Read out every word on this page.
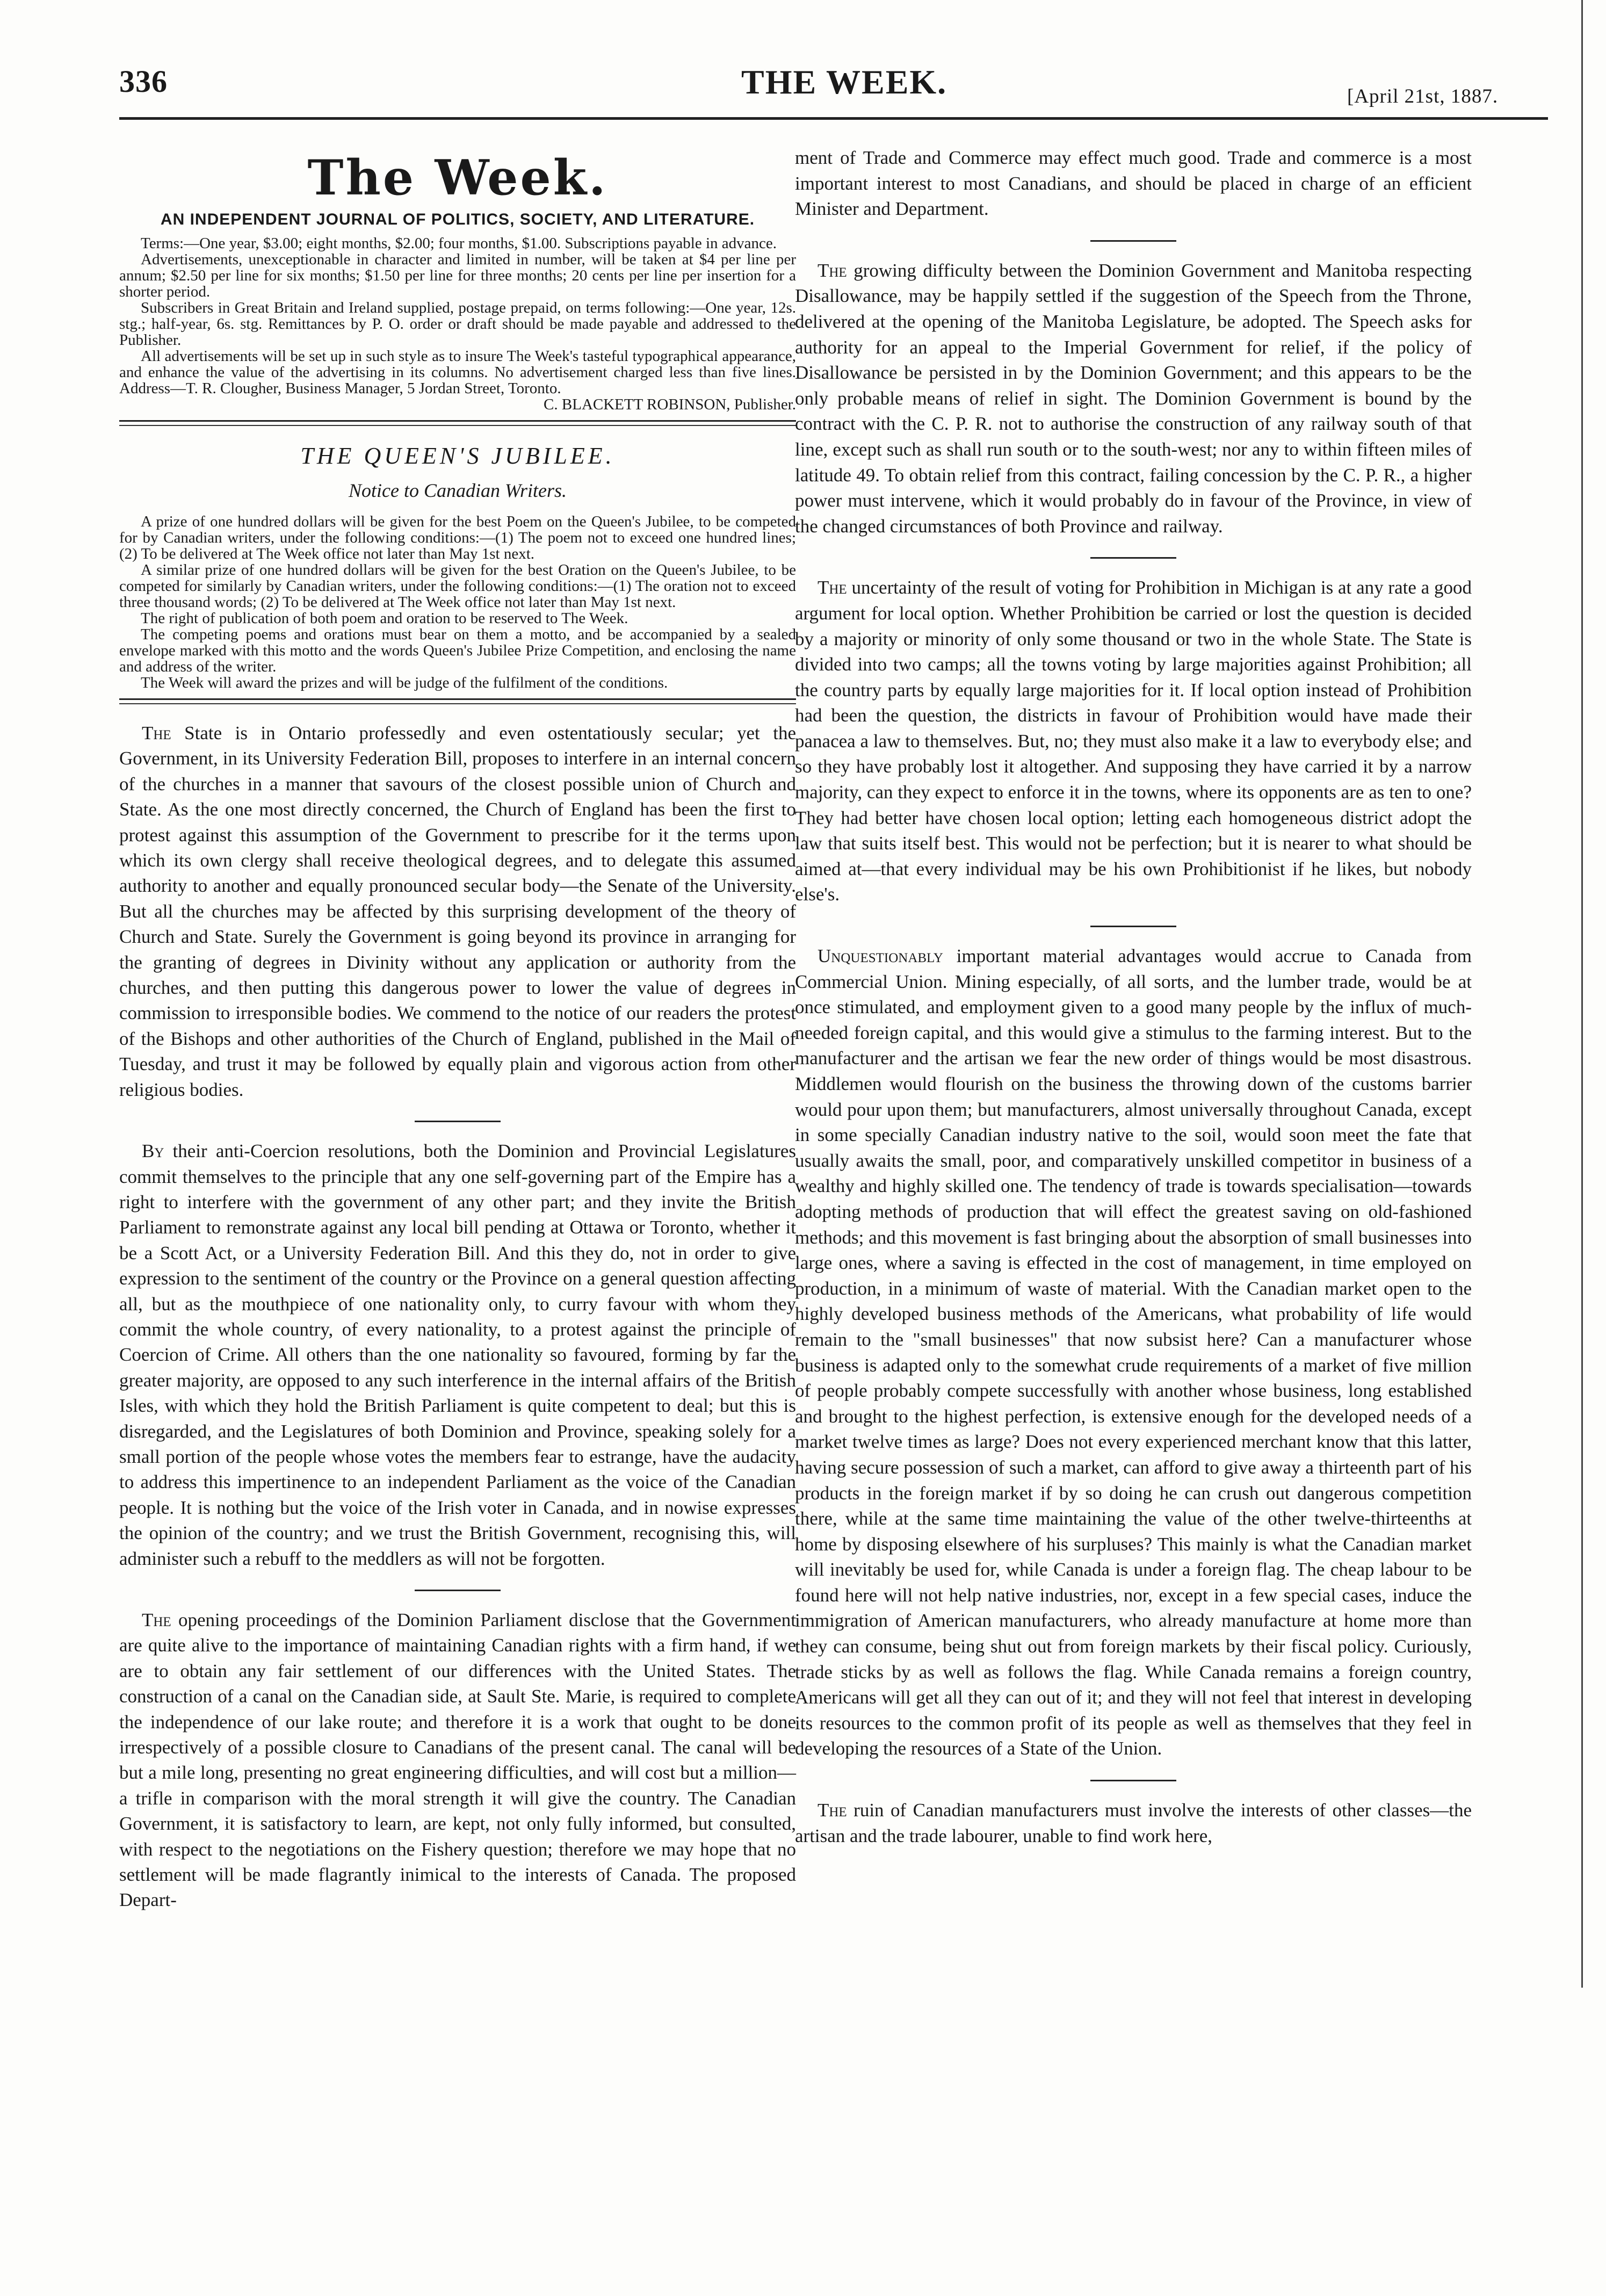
336	THE WEEK.	[April 21st, 1887.
The Week.
AN INDEPENDENT JOURNAL OF POLITICS, SOCIETY, AND LITERATURE.

Terms:—One year, $3.00; eight months, $2.00; four months, $1.00. Subscriptions payable in advance.

Advertisements, unexceptionable in character and limited in number, will be taken at $4 per line per annum; $2.50 per line for six months; $1.50 per line for three months; 20 cents per line per insertion for a shorter period.

Subscribers in Great Britain and Ireland supplied, postage prepaid, on terms following:—One year, 12s. stg.; half-year, 6s. stg. Remittances by P. O. order or draft should be made payable and addressed to the Publisher.

All advertisements will be set up in such style as to insure The Week's tasteful typographical appearance, and enhance the value of the advertising in its columns. No advertisement charged less than five lines. Address—T. R. Clougher, Business Manager, 5 Jordan Street, Toronto.

C. BLACKETT ROBINSON, Publisher.
THE QUEEN'S JUBILEE.
Notice to Canadian Writers.

A prize of one hundred dollars will be given for the best Poem on the Queen's Jubilee, to be competed for by Canadian writers, under the following conditions:—(1) The poem not to exceed one hundred lines; (2) To be delivered at The Week office not later than May 1st next.

A similar prize of one hundred dollars will be given for the best Oration on the Queen's Jubilee, to be competed for similarly by Canadian writers, under the following conditions:—(1) The oration not to exceed three thousand words; (2) To be delivered at The Week office not later than May 1st next.

The right of publication of both poem and oration to be reserved to The Week.

The competing poems and orations must bear on them a motto, and be accompanied by a sealed envelope marked with this motto and the words Queen's Jubilee Prize Competition, and enclosing the name and address of the writer.

The Week will award the prizes and will be judge of the fulfilment of the conditions.

The State is in Ontario professedly and even ostentatiously secular; yet the Government, in its University Federation Bill, proposes to interfere in an internal concern of the churches in a manner that savours of the closest possible union of Church and State. As the one most directly concerned, the Church of England has been the first to protest against this assumption of the Government to prescribe for it the terms upon which its own clergy shall receive theological degrees, and to delegate this assumed authority to another and equally pronounced secular body—the Senate of the University. But all the churches may be affected by this surprising development of the theory of Church and State. Surely the Government is going beyond its province in arranging for the granting of degrees in Divinity without any application or authority from the churches, and then putting this dangerous power to lower the value of degrees in commission to irresponsible bodies. We commend to the notice of our readers the protest of the Bishops and other authorities of the Church of England, published in the Mail of Tuesday, and trust it may be followed by equally plain and vigorous action from other religious bodies.

By their anti-Coercion resolutions, both the Dominion and Provincial Legislatures commit themselves to the principle that any one self-governing part of the Empire has a right to interfere with the government of any other part; and they invite the British Parliament to remonstrate against any local bill pending at Ottawa or Toronto, whether it be a Scott Act, or a University Federation Bill. And this they do, not in order to give expression to the sentiment of the country or the Province on a general question affecting all, but as the mouthpiece of one nationality only, to curry favour with whom they commit the whole country, of every nationality, to a protest against the principle of Coercion of Crime. All others than the one nationality so favoured, forming by far the greater majority, are opposed to any such interference in the internal affairs of the British Isles, with which they hold the British Parliament is quite competent to deal; but this is disregarded, and the Legislatures of both Dominion and Province, speaking solely for a small portion of the people whose votes the members fear to estrange, have the audacity to address this impertinence to an independent Parliament as the voice of the Canadian people. It is nothing but the voice of the Irish voter in Canada, and in nowise expresses the opinion of the country; and we trust the British Government, recognising this, will administer such a rebuff to the meddlers as will not be forgotten.

The opening proceedings of the Dominion Parliament disclose that the Government are quite alive to the importance of maintaining Canadian rights with a firm hand, if we are to obtain any fair settlement of our differences with the United States. The construction of a canal on the Canadian side, at Sault Ste. Marie, is required to complete the independence of our lake route; and therefore it is a work that ought to be done irrespectively of a possible closure to Canadians of the present canal. The canal will be but a mile long, presenting no great engineering difficulties, and will cost but a million—a trifle in comparison with the moral strength it will give the country. The Canadian Government, it is satisfactory to learn, are kept, not only fully informed, but consulted, with respect to the negotiations on the Fishery question; therefore we may hope that no settlement will be made flagrantly inimical to the interests of Canada. The proposed Depart-

ment of Trade and Commerce may effect much good. Trade and commerce is a most important interest to most Canadians, and should be placed in charge of an efficient Minister and Department.

The growing difficulty between the Dominion Government and Manitoba respecting Disallowance, may be happily settled if the suggestion of the Speech from the Throne, delivered at the opening of the Manitoba Legislature, be adopted. The Speech asks for authority for an appeal to the Imperial Government for relief, if the policy of Disallowance be persisted in by the Dominion Government; and this appears to be the only probable means of relief in sight. The Dominion Government is bound by the contract with the C. P. R. not to authorise the construction of any railway south of that line, except such as shall run south or to the south-west; nor any to within fifteen miles of latitude 49. To obtain relief from this contract, failing concession by the C. P. R., a higher power must intervene, which it would probably do in favour of the Province, in view of the changed circumstances of both Province and railway.

The uncertainty of the result of voting for Prohibition in Michigan is at any rate a good argument for local option. Whether Prohibition be carried or lost the question is decided by a majority or minority of only some thousand or two in the whole State. The State is divided into two camps; all the towns voting by large majorities against Prohibition; all the country parts by equally large majorities for it. If local option instead of Prohibition had been the question, the districts in favour of Prohibition would have made their panacea a law to themselves. But, no; they must also make it a law to everybody else; and so they have probably lost it altogether. And supposing they have carried it by a narrow majority, can they expect to enforce it in the towns, where its opponents are as ten to one? They had better have chosen local option; letting each homogeneous district adopt the law that suits itself best. This would not be perfection; but it is nearer to what should be aimed at—that every individual may be his own Prohibitionist if he likes, but nobody else's.

Unquestionably important material advantages would accrue to Canada from Commercial Union. Mining especially, of all sorts, and the lumber trade, would be at once stimulated, and employment given to a good many people by the influx of much-needed foreign capital, and this would give a stimulus to the farming interest. But to the manufacturer and the artisan we fear the new order of things would be most disastrous. Middlemen would flourish on the business the throwing down of the customs barrier would pour upon them; but manufacturers, almost universally throughout Canada, except in some specially Canadian industry native to the soil, would soon meet the fate that usually awaits the small, poor, and comparatively unskilled competitor in business of a wealthy and highly skilled one. The tendency of trade is towards specialisation—towards adopting methods of production that will effect the greatest saving on old-fashioned methods; and this movement is fast bringing about the absorption of small businesses into large ones, where a saving is effected in the cost of management, in time employed on production, in a minimum of waste of material. With the Canadian market open to the highly developed business methods of the Americans, what probability of life would remain to the "small businesses" that now subsist here? Can a manufacturer whose business is adapted only to the somewhat crude requirements of a market of five million of people probably compete successfully with another whose business, long established and brought to the highest perfection, is extensive enough for the developed needs of a market twelve times as large? Does not every experienced merchant know that this latter, having secure possession of such a market, can afford to give away a thirteenth part of his products in the foreign market if by so doing he can crush out dangerous competition there, while at the same time maintaining the value of the other twelve-thirteenths at home by disposing elsewhere of his surpluses? This mainly is what the Canadian market will inevitably be used for, while Canada is under a foreign flag. The cheap labour to be found here will not help native industries, nor, except in a few special cases, induce the immigration of American manufacturers, who already manufacture at home more than they can consume, being shut out from foreign markets by their fiscal policy. Curiously, trade sticks by as well as follows the flag. While Canada remains a foreign country, Americans will get all they can out of it; and they will not feel that interest in developing its resources to the common profit of its people as well as themselves that they feel in developing the resources of a State of the Union.

The ruin of Canadian manufacturers must involve the interests of other classes—the artisan and the trade labourer, unable to find work here,
